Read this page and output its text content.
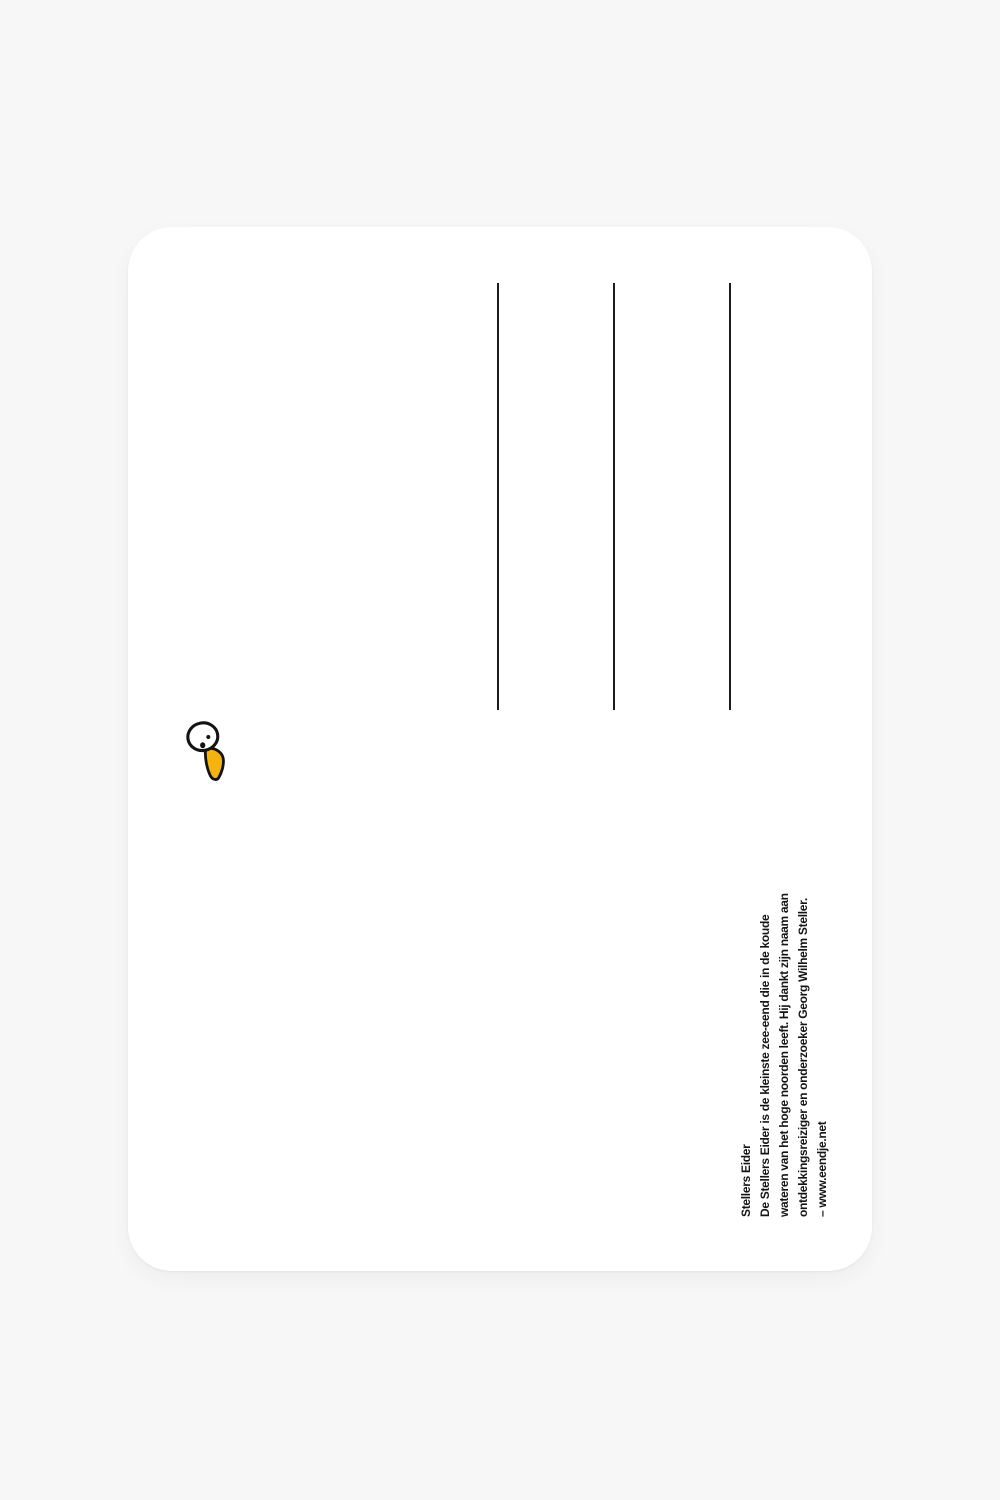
Stellers Eider De Stellers Eider is de kleinste zee-eend die in de koude wateren van het hoge noorden leeft. Hij dankt zijn naam aan ontdekkingsreiziger en onderzoeker Georg Wilhelm Steller. – www.eendje.net
